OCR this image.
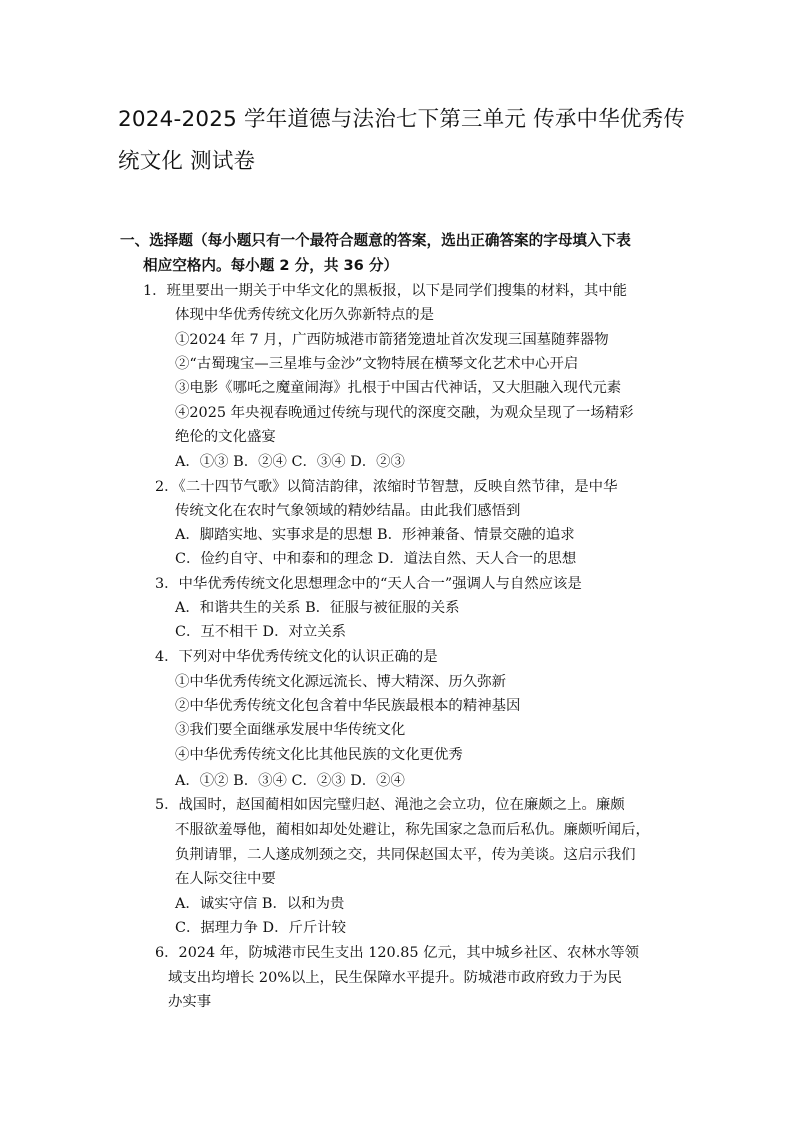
2024-2025 学年道德与法治七下第三单元 传承中华优秀传
统文化 测试卷
一、选择题（每小题只有一个最符合题意的答案，选出正确答案的字母填入下表
相应空格内。每小题 2 分，共 36 分）
1．班里要出一期关于中华文化的黑板报，以下是同学们搜集的材料，其中能
体现中华优秀传统文化历久弥新特点的是
①2024 年 7 月，广西防城港市箭猪笼遗址首次发现三国墓随葬器物
②“古蜀瑰宝—三星堆与金沙”文物特展在横琴文化艺术中心开启
③电影《哪吒之魔童闹海》扎根于中国古代神话，又大胆融入现代元素
④2025 年央视春晚通过传统与现代的深度交融，为观众呈现了一场精彩
绝伦的文化盛宴
A．①③ B．②④ C．③④ D．②③
2．《二十四节气歌》以简洁韵律，浓缩时节智慧，反映自然节律，是中华
传统文化在农时气象领域的精妙结晶。由此我们感悟到
A．脚踏实地、实事求是的思想 B．形神兼备、情景交融的追求
C．俭约自守、中和泰和的理念 D．道法自然、天人合一的思想
3．中华优秀传统文化思想理念中的“天人合一”强调人与自然应该是
A．和谐共生的关系 B．征服与被征服的关系
C．互不相干 D．对立关系
4．下列对中华优秀传统文化的认识正确的是
①中华优秀传统文化源远流长、博大精深、历久弥新
②中华优秀传统文化包含着中华民族最根本的精神基因
③我们要全面继承发展中华传统文化
④中华优秀传统文化比其他民族的文化更优秀
A．①② B．③④ C．②③ D．②④
5．战国时，赵国蔺相如因完璧归赵、渑池之会立功，位在廉颇之上。廉颇
不服欲羞辱他，蔺相如却处处避让，称先国家之急而后私仇。廉颇听闻后，
负荆请罪，二人遂成刎颈之交，共同保赵国太平，传为美谈。这启示我们
在人际交往中要
A．诚实守信 B．以和为贵
C．据理力争 D．斤斤计较
6．2024 年，防城港市民生支出 120.85 亿元，其中城乡社区、农林水等领
域支出均增长 20%以上，民生保障水平提升。防城港市政府致力于为民
办实事
